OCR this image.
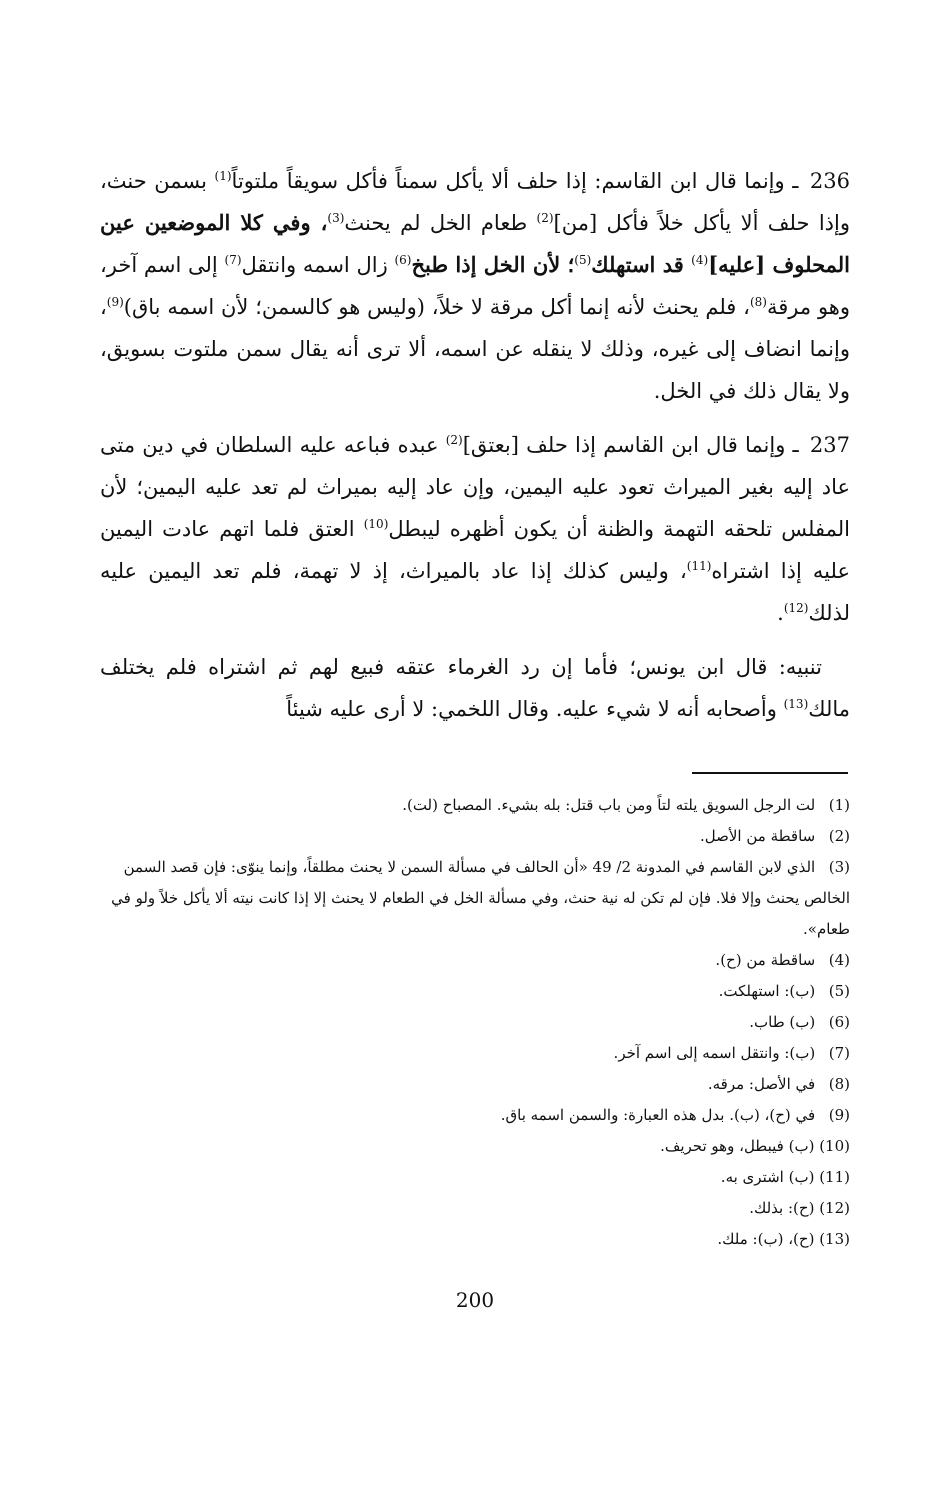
236 ـ وإنما قال ابن القاسم: إذا حلف ألا يأكل سمناً فأكل سويقاً ملتوتاً$^{(1)}$ بسمن حنث، وإذا حلف ألا يأكل خلاً فأكل [من]$^{(2)}$ طعام الخل لم يحنث$^{(3)}$، وفي كلا الموضعين عين المحلوف [عليه]$^{(4)}$ قد استهلك$^{(5)}$؛ لأن الخل إذا طبخ$^{(6)}$ زال اسمه وانتقل$^{(7)}$ إلى اسم آخر، وهو مرقة$^{(8)}$، فلم يحنث لأنه إنما أكل مرقة لا خلاً، (وليس هو كالسمن؛ لأن اسمه باق)$^{(9)}$، وإنما انضاف إلى غيره، وذلك لا ينقله عن اسمه، ألا ترى أنه يقال سمن ملتوت بسويق، ولا يقال ذلك في الخل.

237 ـ وإنما قال ابن القاسم إذا حلف [بعتق]$^{(2)}$ عبده فباعه عليه السلطان في دين متى عاد إليه بغير الميراث تعود عليه اليمين، وإن عاد إليه بميراث لم تعد عليه اليمين؛ لأن المفلس تلحقه التهمة والظنة أن يكون أظهره ليبطل$^{(10)}$ العتق فلما اتهم عادت اليمين عليه إذا اشتراه$^{(11)}$، وليس كذلك إذا عاد بالميراث، إذ لا تهمة، فلم تعد اليمين عليه لذلك$^{(12)}$.

تنبيه: قال ابن يونس؛ فأما إن رد الغرماء عتقه فبيع لهم ثم اشتراه فلم يختلف مالك$^{(13)}$ وأصحابه أنه لا شيء عليه. وقال اللخمي: لا أرى عليه شيئاً

(1) لت الرجل السويق يلته لتاً ومن باب قتل: بله بشيء. المصباح (لت).

(2) ساقطة من الأصل.

(3) الذي لابن القاسم في المدونة 2/ 49 «أن الحالف في مسألة السمن لا يحنث مطلقاً، وإنما ينوّى: فإن قصد السمن الخالص يحنث وإلا فلا. فإن لم تكن له نية حنث، وفي مسألة الخل في الطعام لا يحنث إلا إذا كانت نيته ألا يأكل خلاً ولو في طعام».

(4) ساقطة من (ح).

(5) (ب): استهلكت.

(6) (ب) طاب.

(7) (ب): وانتقل اسمه إلى اسم آخر.

(8) في الأصل: مرقه.

(9) في (ح)، (ب). بدل هذه العبارة: والسمن اسمه باق.

(10) (ب) فيبطل، وهو تحريف.

(11) (ب) اشترى به.

(12) (ح): بذلك.

(13) (ح)، (ب): ملك.

200
